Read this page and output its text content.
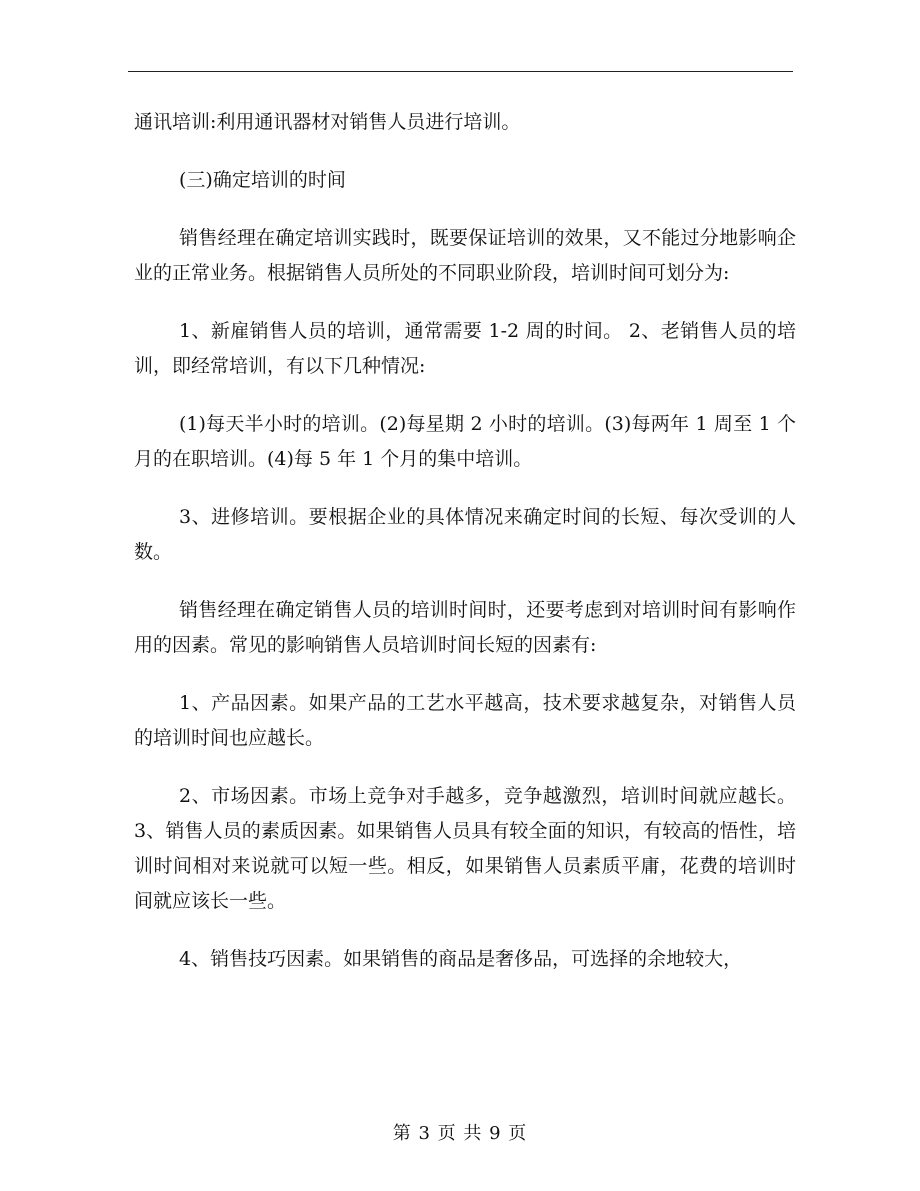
通讯培训:利用通讯器材对销售人员进行培训。

(三)确定培训的时间

销售经理在确定培训实践时，既要保证培训的效果，又不能过分地影响企业的正常业务。根据销售人员所处的不同职业阶段，培训时间可划分为:

1、新雇销售人员的培训，通常需要 1-2 周的时间。 2、老销售人员的培训，即经常培训，有以下几种情况:

(1)每天半小时的培训。(2)每星期 2 小时的培训。(3)每两年 1 周至 1 个月的在职培训。(4)每 5 年 1 个月的集中培训。

3、进修培训。要根据企业的具体情况来确定时间的长短、每次受训的人数。

销售经理在确定销售人员的培训时间时，还要考虑到对培训时间有影响作用的因素。常见的影响销售人员培训时间长短的因素有:

1、产品因素。如果产品的工艺水平越高，技术要求越复杂，对销售人员的培训时间也应越长。

2、市场因素。市场上竞争对手越多，竞争越激烈，培训时间就应越长。 3、销售人员的素质因素。如果销售人员具有较全面的知识，有较高的悟性，培训时间相对来说就可以短一些。相反，如果销售人员素质平庸，花费的培训时间就应该长一些。

4、销售技巧因素。如果销售的商品是奢侈品，可选择的余地较大，

第 3 页 共 9 页
